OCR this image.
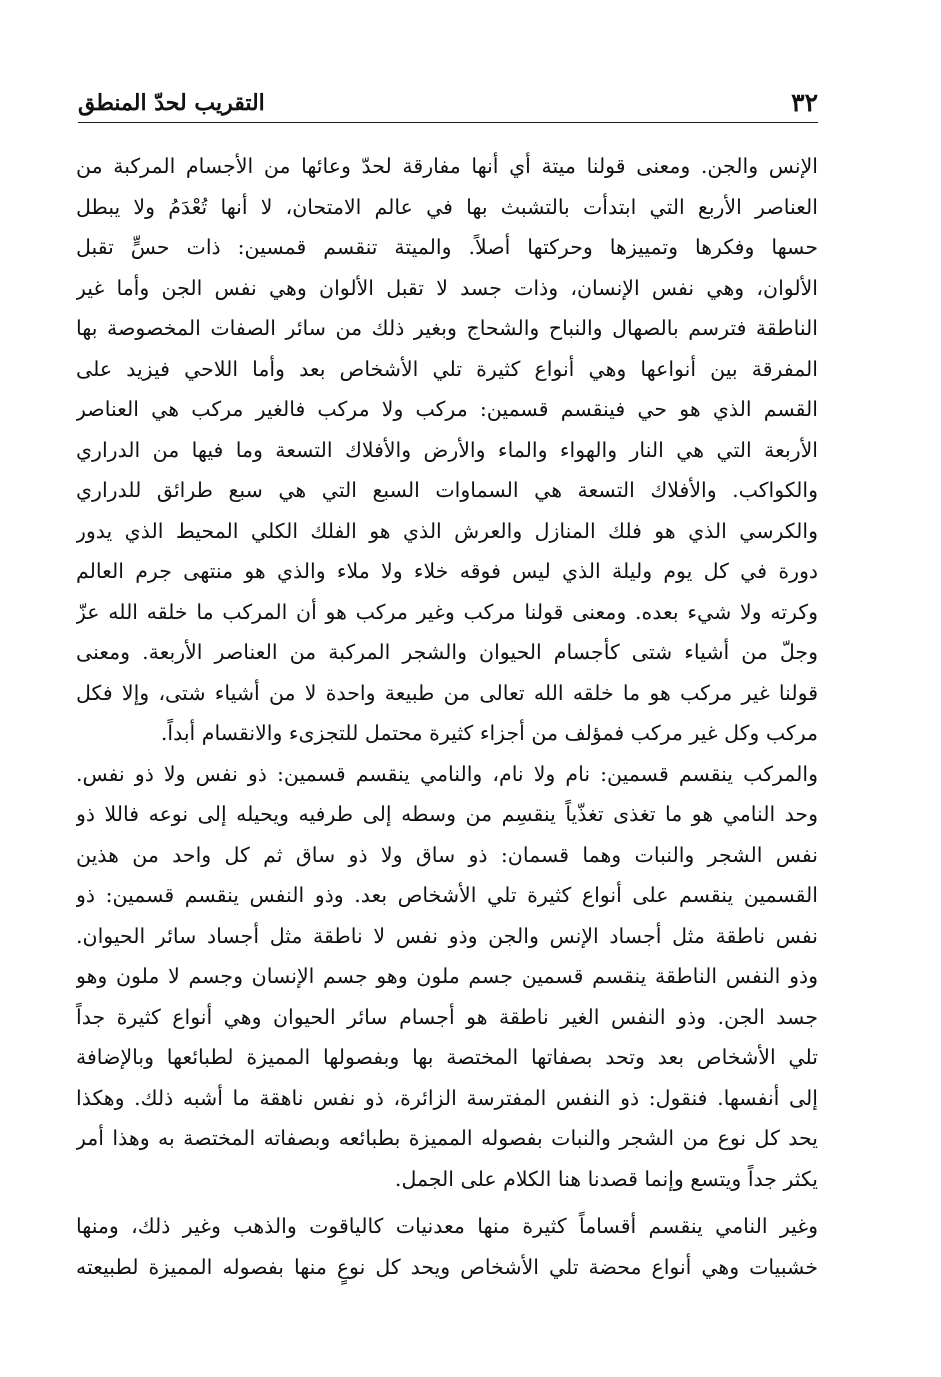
٣٢
التقريب لحدّ المنطق
الإنس والجن. ومعنى قولنا ميتة أي أنها مفارقة لحدّ وعائها من الأجسام المركبة من
العناصر الأربع التي ابتدأت بالتشبث بها في عالم الامتحان، لا أنها تُعْدَمُ ولا يبطل
حسها وفكرها وتمييزها وحركتها أصلاً. والميتة تنقسم قمسين: ذات حسٍّ تقبل
الألوان، وهي نفس الإنسان، وذات جسد لا تقبل الألوان وهي نفس الجن وأما غير
الناطقة فترسم بالصهال والنباح والشحاج وبغير ذلك من سائر الصفات المخصوصة بها
المفرقة بين أنواعها وهي أنواع كثيرة تلي الأشخاص بعد وأما اللاحي فيزيد على
القسم الذي هو حي فينقسم قسمين: مركب ولا مركب فالغير مركب هي العناصر
الأربعة التي هي النار والهواء والماء والأرض والأفلاك التسعة وما فيها من الدراري
والكواكب. والأفلاك التسعة هي السماوات السبع التي هي سبع طرائق للدراري
والكرسي الذي هو فلك المنازل والعرش الذي هو الفلك الكلي المحيط الذي يدور
دورة في كل يوم وليلة الذي ليس فوقه خلاء ولا ملاء والذي هو منتهى جرم العالم
وكرته ولا شيء بعده. ومعنى قولنا مركب وغير مركب هو أن المركب ما خلقه الله عزّ
وجلّ من أشياء شتى كأجسام الحيوان والشجر المركبة من العناصر الأربعة. ومعنى
قولنا غير مركب هو ما خلقه الله تعالى من طبيعة واحدة لا من أشياء شتى، وإلا فكل
مركب وكل غير مركب فمؤلف من أجزاء كثيرة محتمل للتجزىء والانقسام أبداً.
والمركب ينقسم قسمين: نام ولا نام، والنامي ينقسم قسمين: ذو نفس ولا ذو نفس.
وحد النامي هو ما تغذى تغذّياً ينقسِم من وسطه إلى طرفيه ويحيله إلى نوعه فاللا ذو
نفس الشجر والنبات وهما قسمان: ذو ساق ولا ذو ساق ثم كل واحد من هذين
القسمين ينقسم على أنواع كثيرة تلي الأشخاص بعد. وذو النفس ينقسم قسمين: ذو
نفس ناطقة مثل أجساد الإنس والجن وذو نفس لا ناطقة مثل أجساد سائر الحيوان.
وذو النفس الناطقة ينقسم قسمين جسم ملون وهو جسم الإنسان وجسم لا ملون وهو
جسد الجن. وذو النفس الغير ناطقة هو أجسام سائر الحيوان وهي أنواع كثيرة جداً
تلي الأشخاص بعد وتحد بصفاتها المختصة بها وبفصولها المميزة لطبائعها وبالإضافة
إلى أنفسها. فنقول: ذو النفس المفترسة الزائرة، ذو نفس ناهقة ما أشبه ذلك. وهكذا
يحد كل نوع من الشجر والنبات بفصوله المميزة بطبائعه وبصفاته المختصة به وهذا أمر
يكثر جداً ويتسع وإنما قصدنا هنا الكلام على الجمل.
وغير النامي ينقسم أقساماً كثيرة منها معدنيات كالياقوت والذهب وغير ذلك، ومنها
خشبيات وهي أنواع محضة تلي الأشخاص ويحد كل نوعٍ منها بفصوله المميزة لطبيعته
